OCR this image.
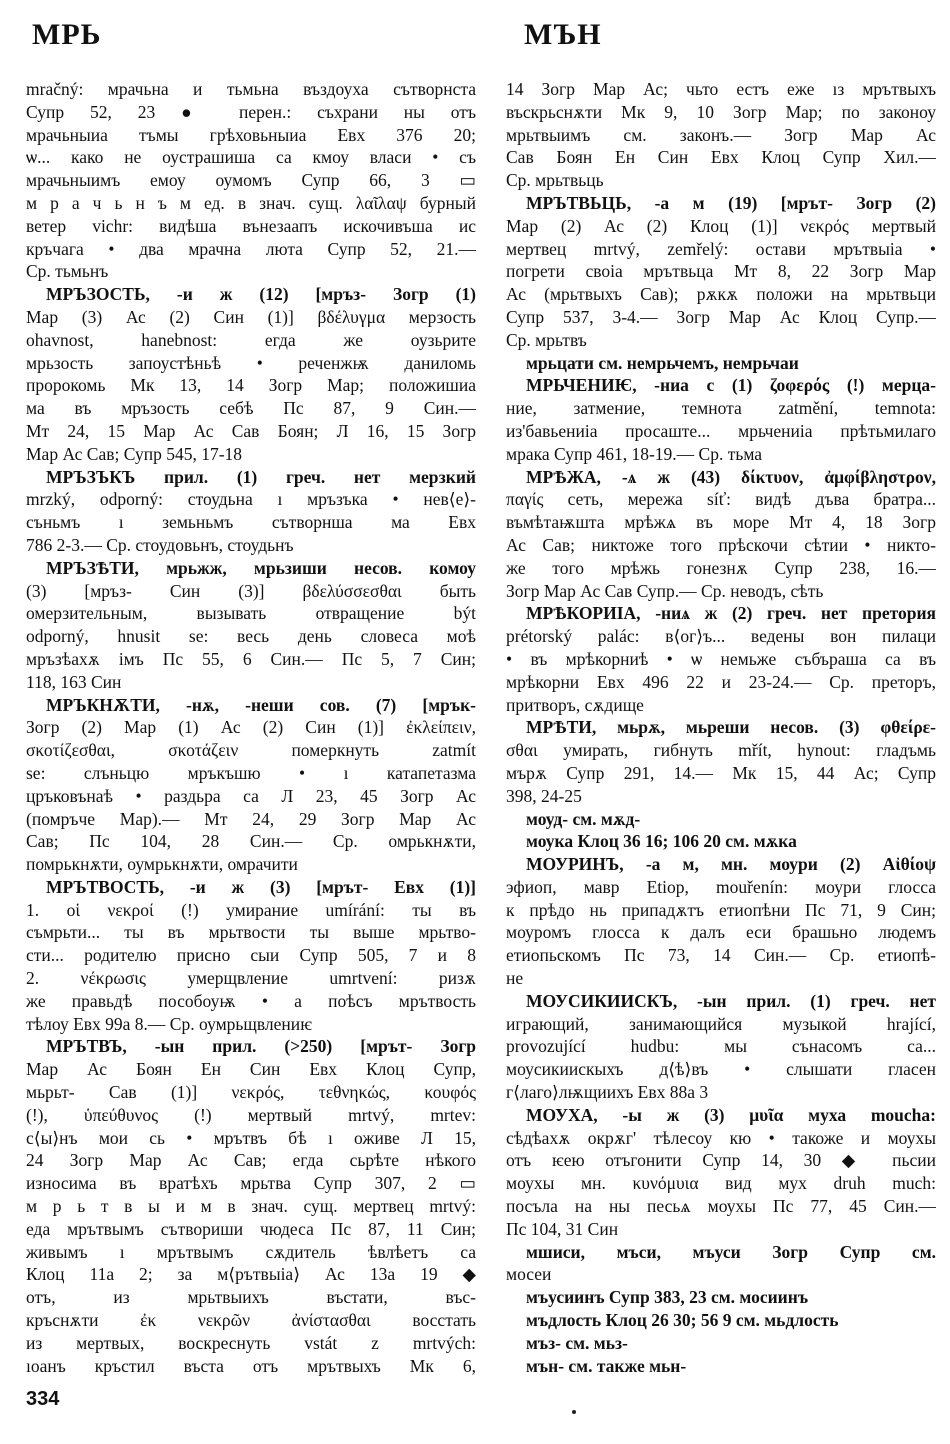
МРЬ	МЪН
mračný: мрачьна и тьмьна въздоуха сътворнста
Супр 52, 23 ● перен.: съхрани ны отъ
мрачьныиа тъмы грѣховьныиа Евх 376 20;
ѡ... како не оустрашиша са кмоу власи • съ
мрачьныимъ емоу оумомъ Супр 66, 3 ▭
м р а ч ь н ъ м ед. в знач. сущ. λαῖλαψ бурный
ветер vichr: видѣша вънезаапъ искочивъша ис
кръчага • два мрачна люта Супр 52, 21.—
Ср. тьмьнъ
МРЪЗОСТЬ, -и ж (12) [мръз- Зогр (1)
Мар (3) Ас (2) Син (1)] βδέλυγμα мерзость
ohavnost, hanebnost: егда же оузьрите
мрьзость запоустѣньѣ • реченжѭ даниломь
пророкомь Мк 13, 14 Зогр Мар; положишиа
ма въ мръзость себѣ Пс 87, 9 Син.—
Мт 24, 15 Мар Ас Сав Боян; Л 16, 15 Зогр
Мар Ас Сав; Супр 545, 17-18
МРЪЗЪКЪ прил. (1) греч. нет мерзкий
mrzký, odporný: стоудьна ı мръзъка • нев⟨е⟩-
съньмъ ı земьньмъ сътворнша ма Евх
786 2-3.— Ср. стоудовьнъ, стоудьнъ
МРЪЗѢТИ, мрьжж, мрьзиши несов. комоу
(3) [мръз- Син (3)] βδελύσσεσθαι быть
омерзительным, вызывать отвращение být
odporný, hnusit se: весь день словеса моѣ
мръзѣахѫ імъ Пс 55, 6 Син.— Пс 5, 7 Син;
118, 163 Син
МРЪКНѪТИ, -нѫ, -неши сов. (7) [мрък-
Зогр (2) Мар (1) Ас (2) Син (1)] ἐκλείπειν,
σκοτίζεσθαι, σκοτάζειν померкнуть zatmít
se: слъньцю мръкъшю • ı катапетазма
цръковънаѣ • раздьра са Л 23, 45 Зогр Ас
(помръче Мар).— Мт 24, 29 Зогр Мар Ас
Сав; Пс 104, 28 Син.— Ср. омрькнѫти,
помрькнѫти, оумрькнѫти, омрачити
МРЪТВОСТЬ, -и ж (3) [мрът- Евх (1)]
1. οἱ νεκροί (!) умирание umírání: ты въ
съмрьти... ты въ мрьтвости ты выше мрьтво-
сти... родителю присно сыи Супр 505, 7 и 8
2. νέκρωσις умерщвление umrtvení: ризѫ
же правьдѣ пособоуѭ • а поѣсъ мрътвость
тѣлоу Евх 99а 8.— Ср. оумрьщвлениѥ
МРЪТВЪ, -ын прил. (>250) [мрът- Зогр
Мар Ас Боян Ен Син Евх Клоц Супр,
мьрьт- Сав (1)] νεκρός, τεθνηκώς, κουφός
(!), ὑπεύθυνος (!) мертвый mrtvý, mrtev:
с⟨ы⟩нъ мои сь • мрътвъ бѣ ı оживе Л 15,
24 Зогр Мар Ас Сав; егда сьрѣте нѣкого
износима въ вратѣхъ мрьтва Супр 307, 2 ▭
м р ь т в ы и м в знач. сущ. мертвец mrtvý:
еда мрътвымъ сътвориши чюдеса Пс 87, 11 Син;
живымъ ı мрътвымъ сѫдитель ѣвлѣетъ са
Клоц 11а 2; за м⟨рътвыіа⟩ Ас 13а 19 ◆
отъ, из мрьтвыихъ въстати, въс-
кръснѫти ἐκ νεκρῶν ἀνίστασθαι восстать
из мертвых, воскреснуть vstát z mrtvých:
ıоанъ кръстил въста отъ мрътвыхъ Мк 6,
14 Зогр Мар Ас; чьто естъ еже ıз мрътвыхъ
въскрьснѫти Мк 9, 10 Зогр Мар; по законоу
мрьтвыимъ см. законъ.— Зогр Мар Ас
Сав Боян Ен Син Евх Клоц Супр Хил.—
Ср. мрьтвьць
МРЪТВЬЦЬ, -а м (19) [мрът- Зогр (2)
Мар (2) Ас (2) Клоц (1)] νεκρός мертвый
мертвец mrtvý, zemřelý: остави мрътвыіа •
погрети своіа мрътвьца Мт 8, 22 Зогр Мар
Ас (мрьтвыхъ Сав); рѫкѫ положи на мрьтвьци
Супр 537, 3-4.— Зогр Мар Ас Клоц Супр.—
Ср. мрьтвъ
мрьцати см. немрьчемъ, немрьчаи
МРЬЧЕНИѤ, -ниа с (1) ζοφερός (!) мерца-
ние, затмение, темнота zatmění, temnota:
из'бавьениіа просаште... мрьчениіа прѣтьмилаго
мрака Супр 461, 18-19.— Ср. тьма
МРѢЖА, -ѧ ж (43) δίκτυον, ἀμφίβληστρον,
παγίς сеть, мережа síť: видѣ дъва братра...
въмѣтаѭшта мрѣжѧ въ море Мт 4, 18 Зогр
Ас Сав; никтоже того прѣскочи сѣтии • никто-
же того мрѣжь гонезнѫ Супр 238, 16.—
Зогр Мар Ас Сав Супр.— Ср. неводъ, сѣть
МРѢКОРИІА, -ниѧ ж (2) греч. нет претория
prétorský palác: в⟨ог⟩ъ... ведены вон пилаци
• въ мрѣкорниѣ • ѡ немьже събъраша са въ
мрѣкорни Евх 496 22 и 23-24.— Ср. преторъ,
притворъ, сѫдище
МРѢТИ, мьрѫ, мьреши несов. (3) φθείρε-
σθαι умирать, гибнуть mřít, hynout: гладъмь
мърѫ Супр 291, 14.— Мк 15, 44 Ас; Супр
398, 24-25
моуд- см. мѫд-
моука Клоц 36 16; 106 20 см. мѫка
МОУРИНЪ, -а м, мн. моури (2) Αἰθίοψ
эфиоп, мавр Etiop, mouřenín: моури глосса
к прѣдо нь припадѫтъ етиопѣни Пс 71, 9 Син;
моуромъ глосса к далъ еси брашьно людемъ
етиопьскомъ Пс 73, 14 Син.— Ср. етиопѣ-
не
МОУСИКИИСКЪ, -ын прил. (1) греч. нет
играющий, занимающийся музыкой hrající,
provozující hudbu: мы сънасомъ са...
моусикиискыхъ д⟨ѣ⟩въ • слышати гласен
г⟨лаго⟩лѭщиихъ Евх 88а 3
МОУХА, -ы ж (3) μυῖα муха moucha:
сѣдѣахѫ окрѫг' тѣлесоу кю • такоже и моухы
отъ ѥею отъгонити Супр 14, 30 ◆ пьсии
моухы мн. κυνόμυια вид мух druh much:
посъла на ны песьѧ моухы Пс 77, 45 Син.—
Пс 104, 31 Син
мшиси, мъси, мъуси Зогр Супр см.
мосеи
мъусиинъ Супр 383, 23 см. мосиинъ
мъдлость Клоц 26 30; 56 9 см. мьдлость
мъз- см. мьз-
мън- см. также мьн-
334
